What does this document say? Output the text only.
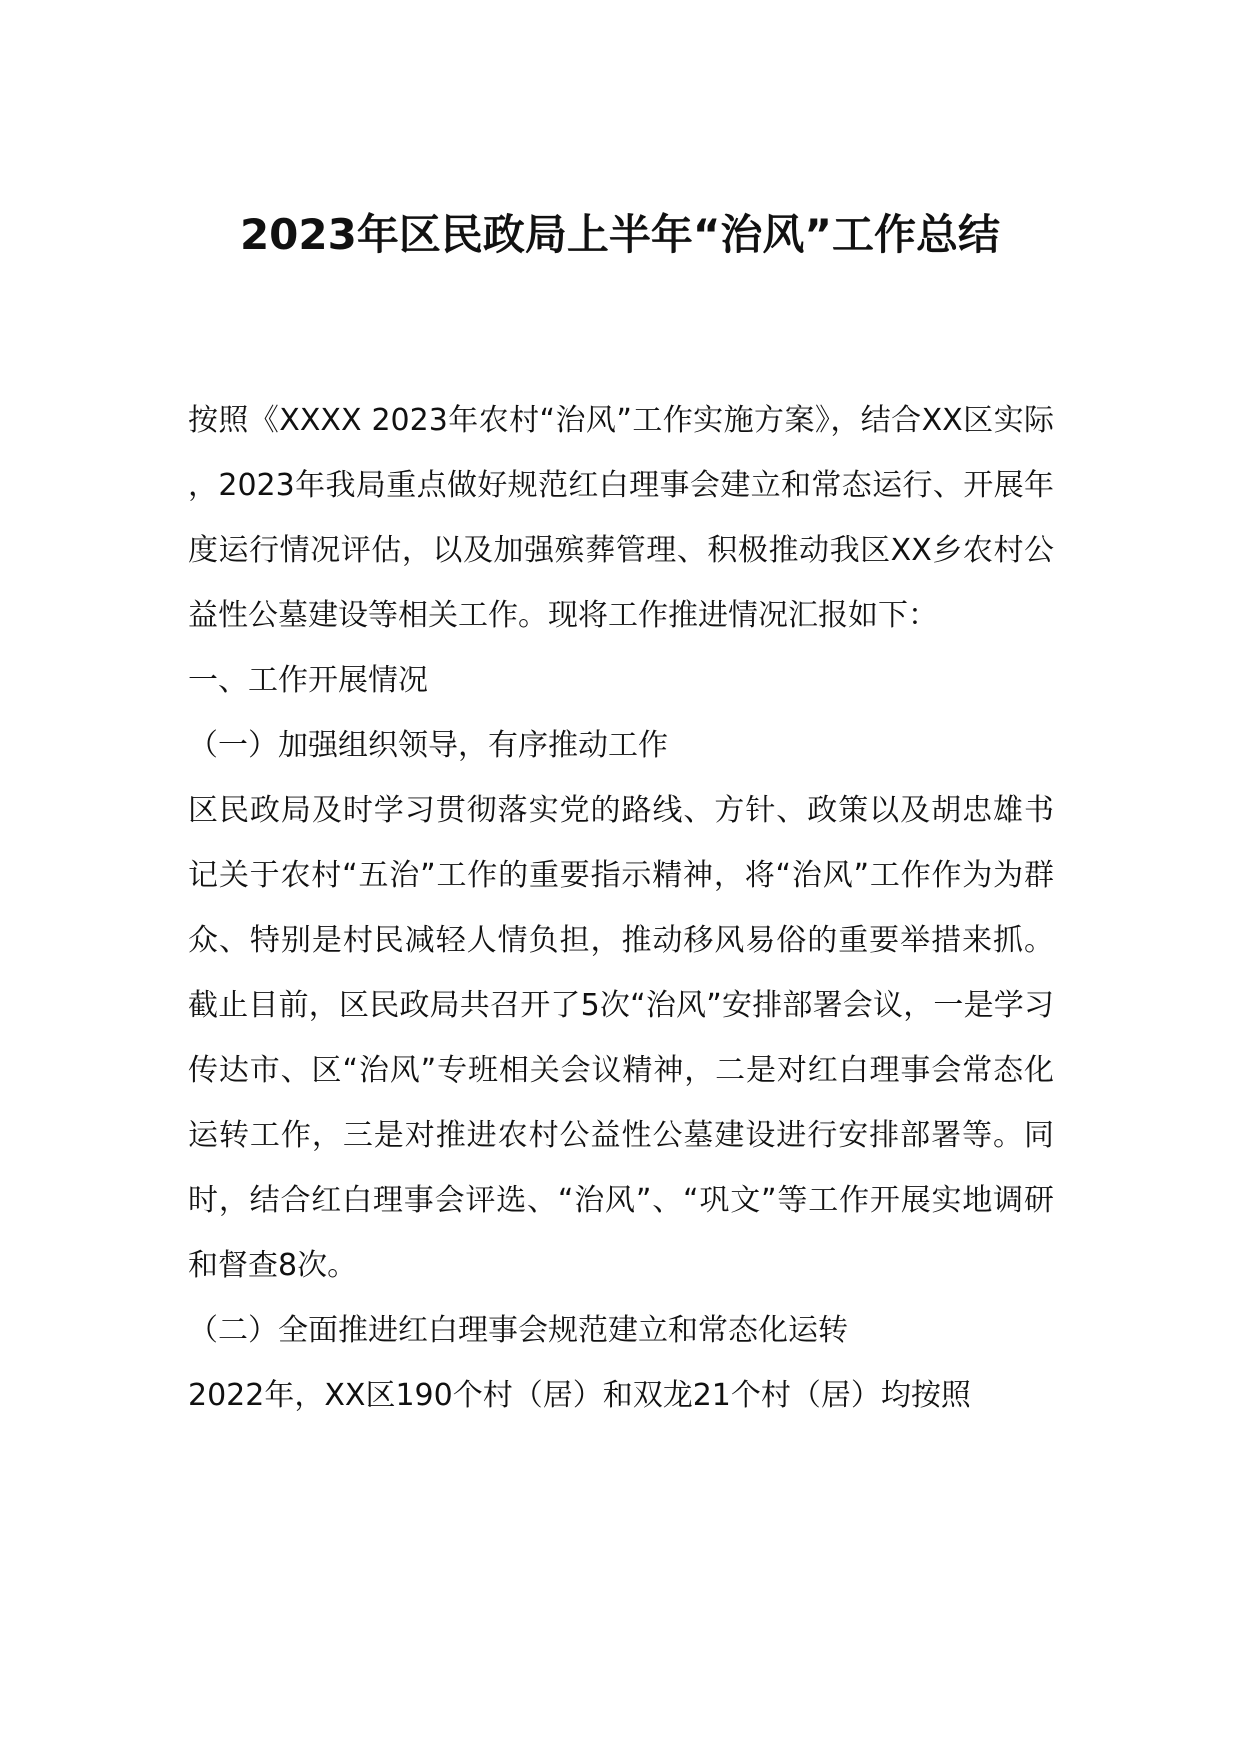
2023年区民政局上半年“治风”工作总结

按照《XXXX 2023年农村“治风”工作实施方案》，结合XX区实际，2023年我局重点做好规范红白理事会建立和常态运行、开展年度运行情况评估，以及加强殡葬管理、积极推动我区XX乡农村公益性公墓建设等相关工作。现将工作推进情况汇报如下：

一、工作开展情况

（一）加强组织领导，有序推动工作

区民政局及时学习贯彻落实党的路线、方针、政策以及胡忠雄书记关于农村“五治”工作的重要指示精神，将“治风”工作作为为群众、特别是村民减轻人情负担，推动移风易俗的重要举措来抓。截止目前，区民政局共召开了5次“治风”安排部署会议，一是学习传达市、区“治风”专班相关会议精神，二是对红白理事会常态化运转工作，三是对推进农村公益性公墓建设进行安排部署等。同时，结合红白理事会评选、“治风”、“巩文”等工作开展实地调研和督查8次。

（二）全面推进红白理事会规范建立和常态化运转

2022年，XX区190个村（居）和双龙21个村（居）均按照
